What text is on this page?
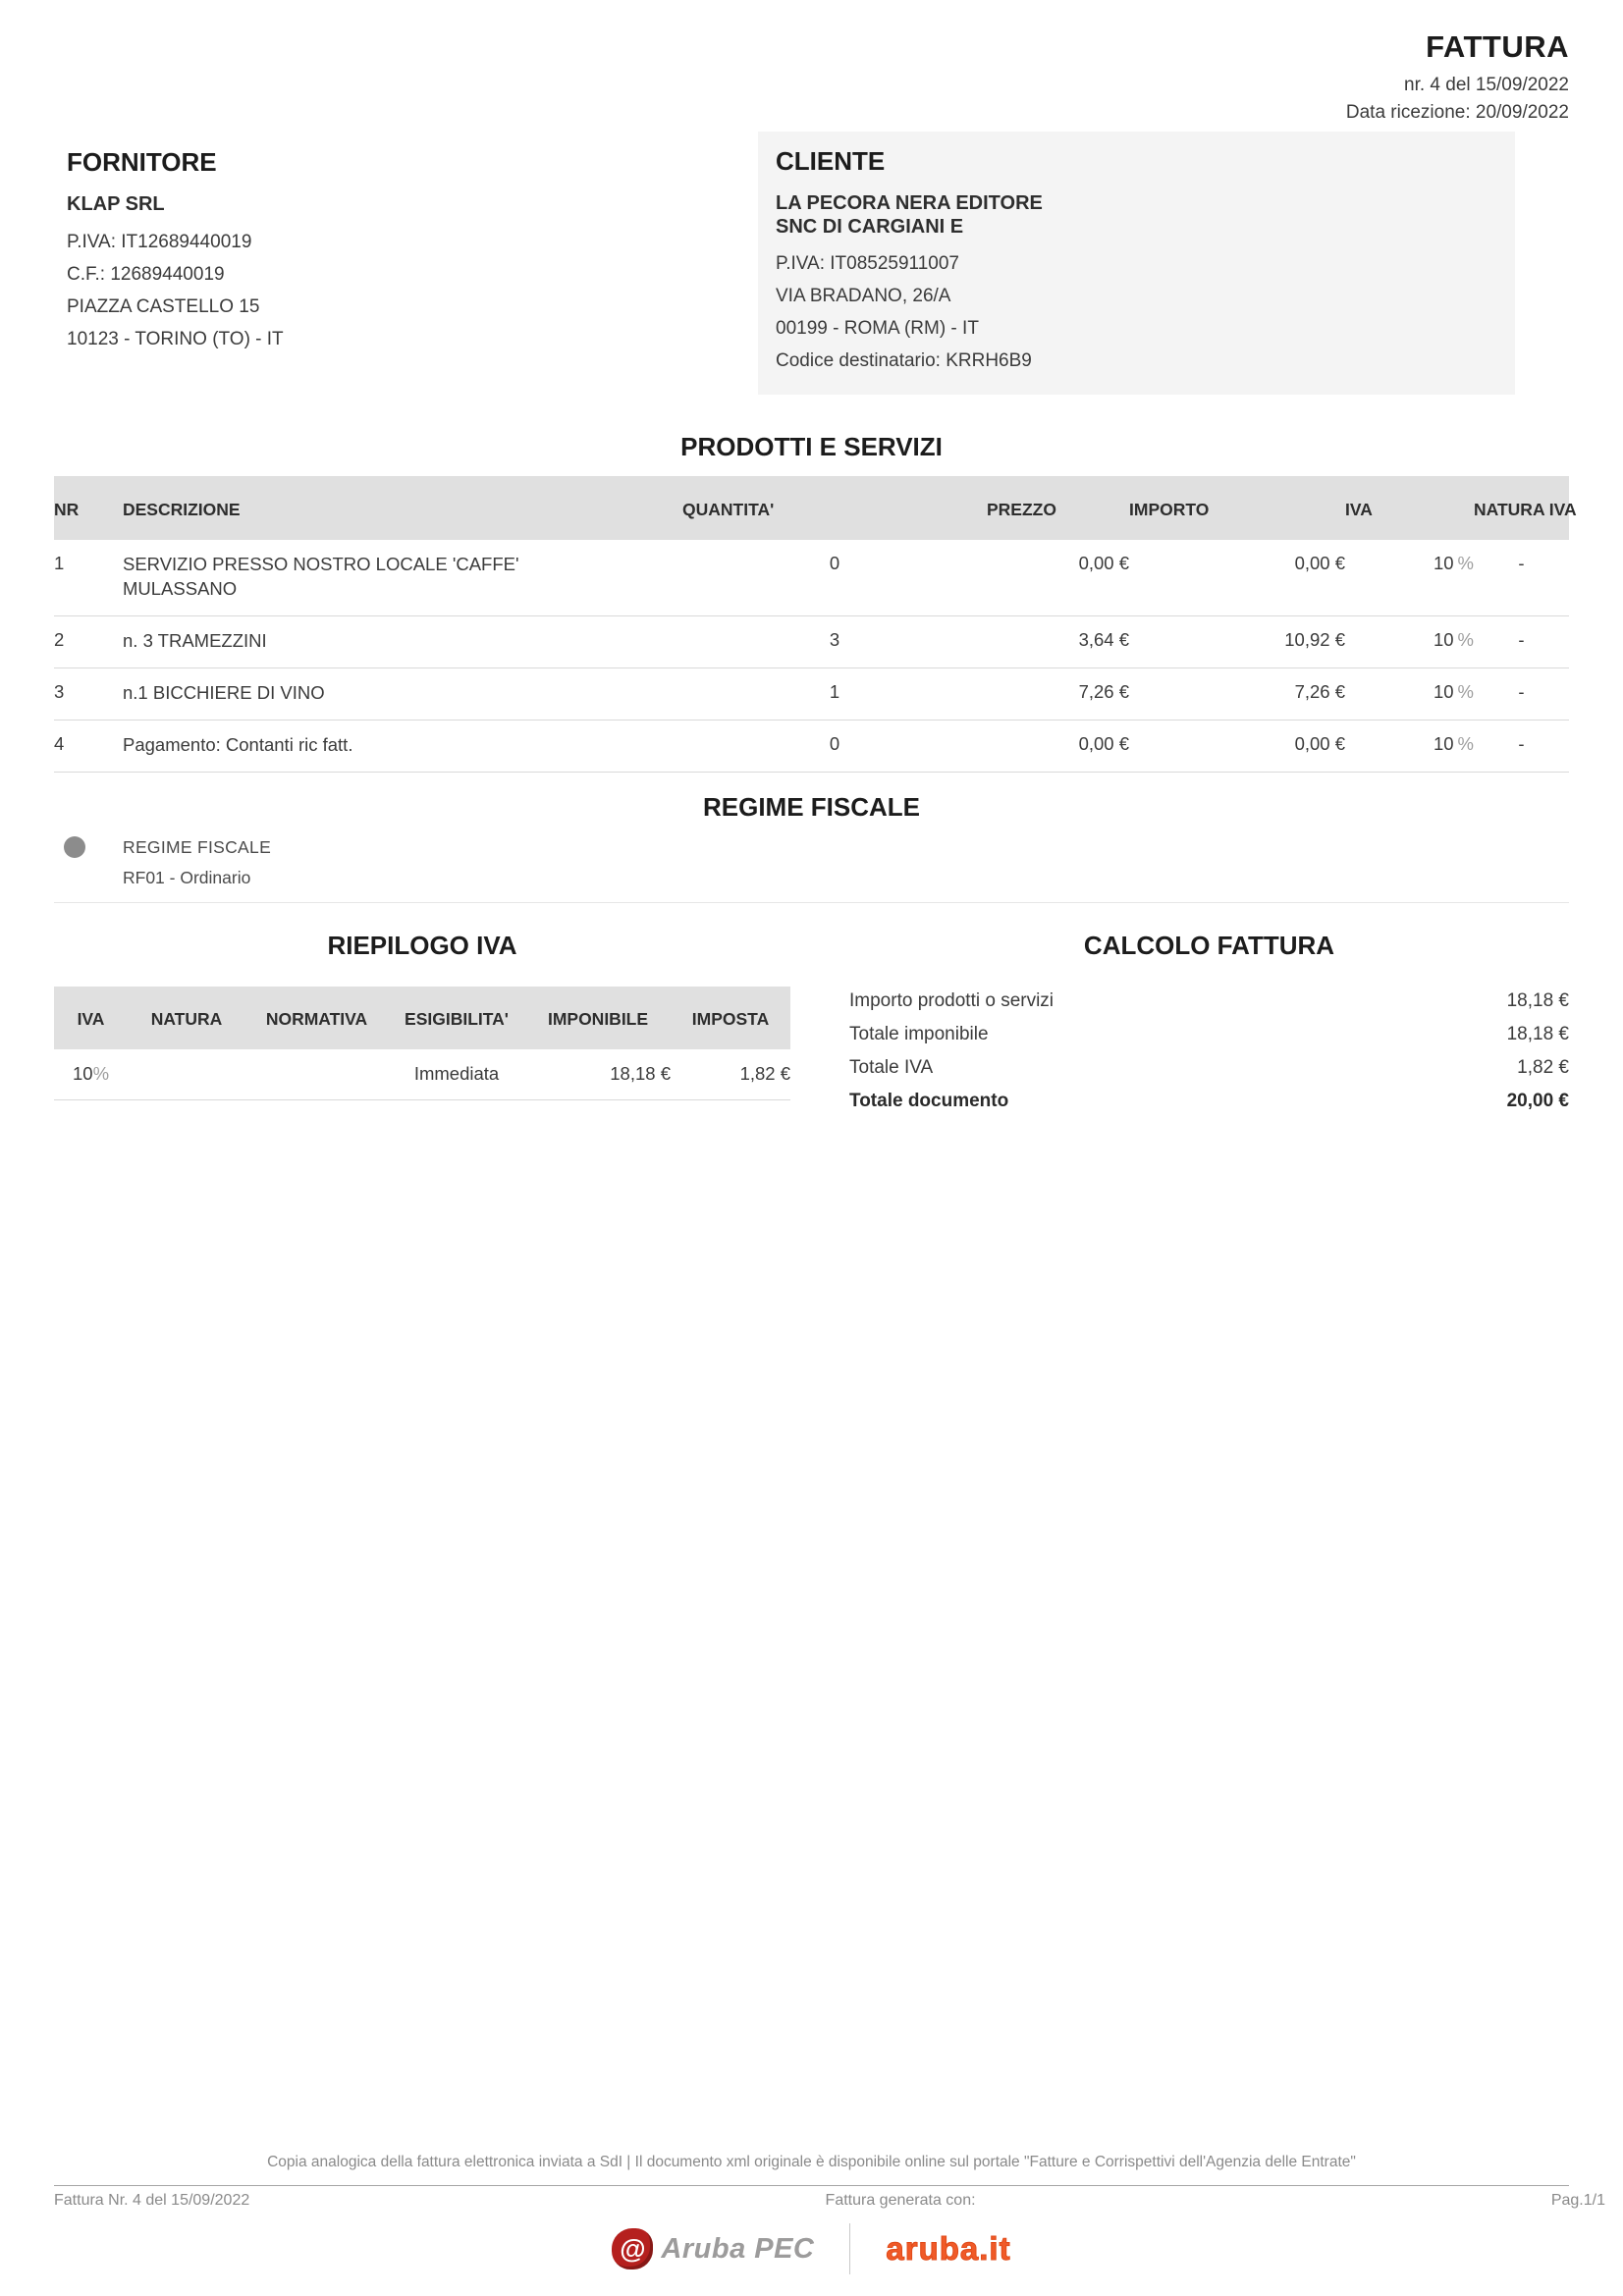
FATTURA
nr. 4 del 15/09/2022
Data ricezione: 20/09/2022
FORNITORE
KLAP SRL
P.IVA: IT12689440019
C.F.: 12689440019
PIAZZA CASTELLO 15
10123 - TORINO (TO) - IT
CLIENTE
LA PECORA NERA EDITORE SNC DI CARGIANI E
P.IVA: IT08525911007
VIA BRADANO, 26/A
00199 - ROMA (RM) - IT
Codice destinatario: KRRH6B9
PRODOTTI E SERVIZI
NR	DESCRIZIONE	QUANTITA'	PREZZO	IMPORTO	IVA	NATURA IVA
1	SERVIZIO PRESSO NOSTRO LOCALE 'CAFFE' MULASSANO	0	0,00 €	0,00 €	10 %	-
2	n. 3 TRAMEZZINI	3	3,64 €	10,92 €	10 %	-
3	n.1 BICCHIERE DI VINO	1	7,26 €	7,26 €	10 %	-
4	Pagamento: Contanti ric fatt.	0	0,00 €	0,00 €	10 %	-
REGIME FISCALE
REGIME FISCALE
RF01 - Ordinario
RIEPILOGO IVA
IVA	NATURA	NORMATIVA	ESIGIBILITA'	IMPONIBILE	IMPOSTA
10%			Immediata	18,18 €	1,82 €
CALCOLO FATTURA
Importo prodotti o servizi	18,18 €
Totale imponibile	18,18 €
Totale IVA	1,82 €
Totale documento	20,00 €
Copia analogica della fattura elettronica inviata a SdI | Il documento xml originale è disponibile online sul portale "Fatture e Corrispettivi dell'Agenzia delle Entrate"
Fattura Nr. 4 del 15/09/2022	Fattura generata con:	Pag.1/1
@ Aruba PEC aruba.it
